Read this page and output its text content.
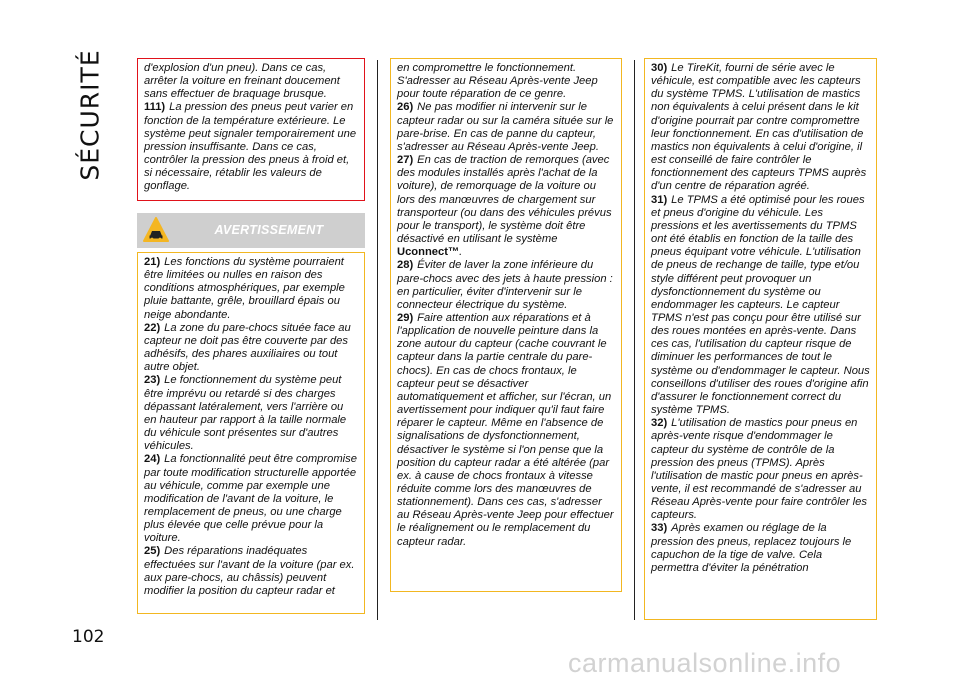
SÉCURITÉ
102

d'explosion d'un pneu). Dans ce cas, arrêter la voiture en freinant doucement sans effectuer de braquage brusque.

111) La pression des pneus peut varier en fonction de la température extérieure. Le système peut signaler temporairement une pression insuffisante. Dans ce cas, contrôler la pression des pneus à froid et, si nécessaire, rétablir les valeurs de gonflage.

AVERTISSEMENT

21) Les fonctions du système pourraient être limitées ou nulles en raison des conditions atmosphériques, par exemple pluie battante, grêle, brouillard épais ou neige abondante.

22) La zone du pare-chocs située face au capteur ne doit pas être couverte par des adhésifs, des phares auxiliaires ou tout autre objet.

23) Le fonctionnement du système peut être imprévu ou retardé si des charges dépassant latéralement, vers l'arrière ou en hauteur par rapport à la taille normale du véhicule sont présentes sur d'autres véhicules.

24) La fonctionnalité peut être compromise par toute modification structurelle apportée au véhicule, comme par exemple une modification de l'avant de la voiture, le remplacement de pneus, ou une charge plus élevée que celle prévue pour la voiture.

25) Des réparations inadéquates effectuées sur l'avant de la voiture (par ex. aux pare-chocs, au châssis) peuvent modifier la position du capteur radar et

en compromettre le fonctionnement. S'adresser au Réseau Après-vente Jeep pour toute réparation de ce genre.

26) Ne pas modifier ni intervenir sur le capteur radar ou sur la caméra située sur le pare-brise. En cas de panne du capteur, s'adresser au Réseau Après-vente Jeep.

27) En cas de traction de remorques (avec des modules installés après l'achat de la voiture), de remorquage de la voiture ou lors des manœuvres de chargement sur transporteur (ou dans des véhicules prévus pour le transport), le système doit être désactivé en utilisant le système Uconnect™.

28) Éviter de laver la zone inférieure du pare-chocs avec des jets à haute pression : en particulier, éviter d'intervenir sur le connecteur électrique du système.

29) Faire attention aux réparations et à l'application de nouvelle peinture dans la zone autour du capteur (cache couvrant le capteur dans la partie centrale du pare-chocs). En cas de chocs frontaux, le capteur peut se désactiver automatiquement et afficher, sur l'écran, un avertissement pour indiquer qu'il faut faire réparer le capteur. Même en l'absence de signalisations de dysfonctionnement, désactiver le système si l'on pense que la position du capteur radar a été altérée (par ex. à cause de chocs frontaux à vitesse réduite comme lors des manœuvres de stationnement). Dans ces cas, s'adresser au Réseau Après-vente Jeep pour effectuer le réalignement ou le remplacement du capteur radar.

30) Le TireKit, fourni de série avec le véhicule, est compatible avec les capteurs du système TPMS. L'utilisation de mastics non équivalents à celui présent dans le kit d'origine pourrait par contre compromettre leur fonctionnement. En cas d'utilisation de mastics non équivalents à celui d'origine, il est conseillé de faire contrôler le fonctionnement des capteurs TPMS auprès d'un centre de réparation agréé.

31) Le TPMS a été optimisé pour les roues et pneus d'origine du véhicule. Les pressions et les avertissements du TPMS ont été établis en fonction de la taille des pneus équipant votre véhicule. L'utilisation de pneus de rechange de taille, type et/ou style différent peut provoquer un dysfonctionnement du système ou endommager les capteurs. Le capteur TPMS n'est pas conçu pour être utilisé sur des roues montées en après-vente. Dans ces cas, l'utilisation du capteur risque de diminuer les performances de tout le système ou d'endommager le capteur. Nous conseillons d'utiliser des roues d'origine afin d'assurer le fonctionnement correct du système TPMS.

32) L'utilisation de mastics pour pneus en après-vente risque d'endommager le capteur du système de contrôle de la pression des pneus (TPMS). Après l'utilisation de mastic pour pneus en après-vente, il est recommandé de s'adresser au Réseau Après-vente pour faire contrôler les capteurs.

33) Après examen ou réglage de la pression des pneus, replacez toujours le capuchon de la tige de valve. Cela permettra d'éviter la pénétration

carmanualsonline.info
